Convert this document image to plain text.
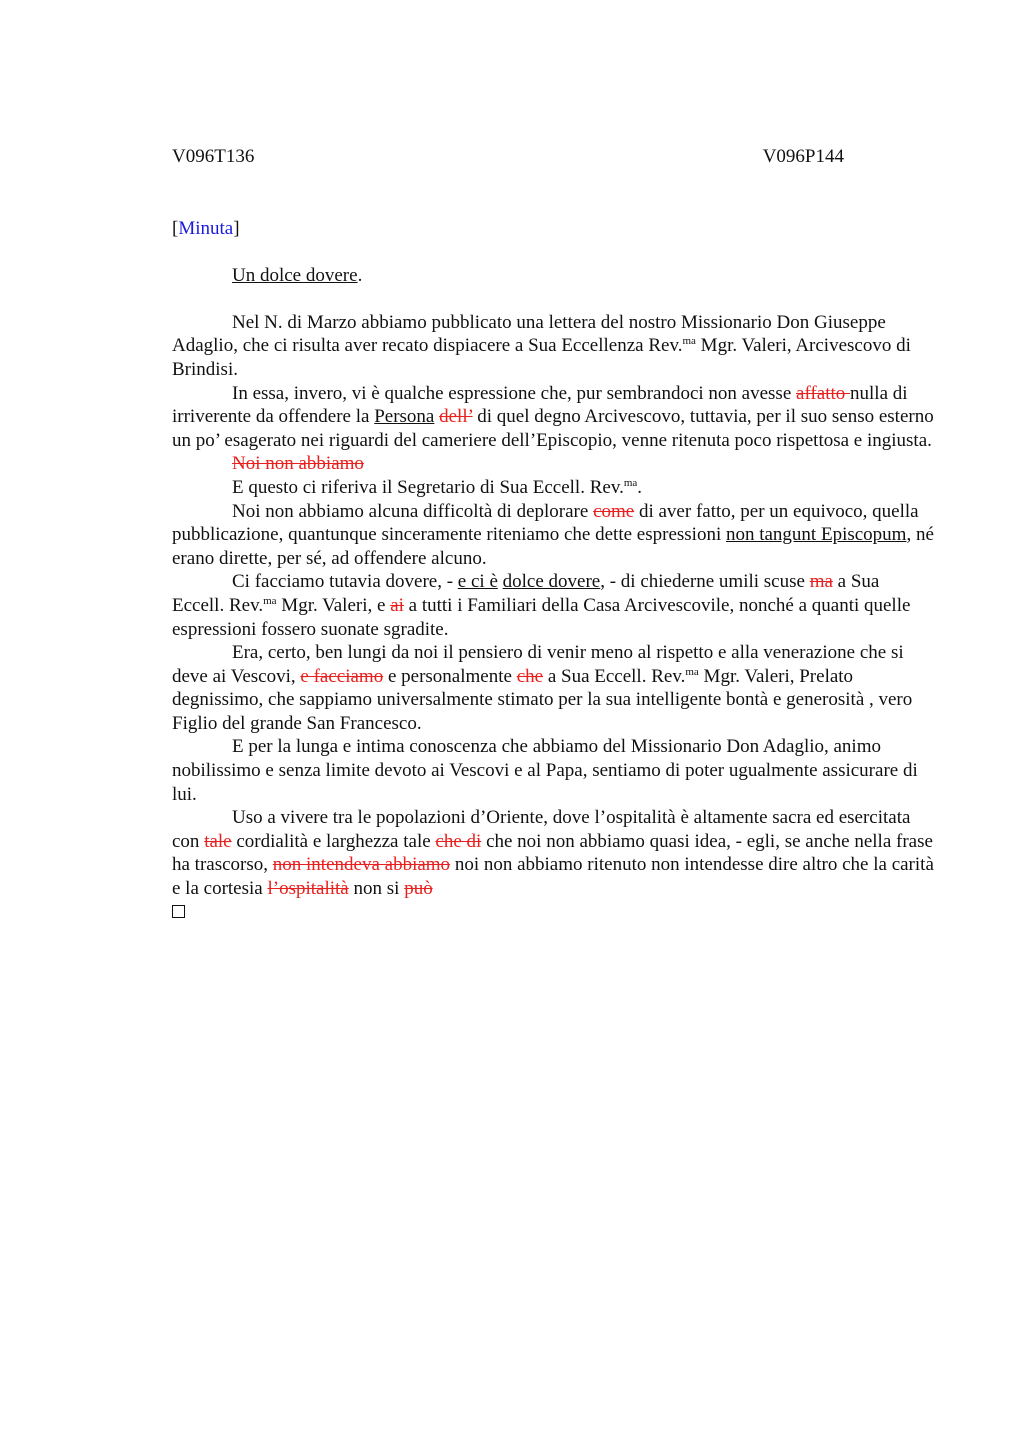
V096T136	V096P144
[Minuta]
Un dolce dovere.

Nel N. di Marzo abbiamo pubblicato una lettera del nostro Missionario Don Giuseppe Adaglio, che ci risulta aver recato dispiacere a Sua Eccellenza Rev.$^{ma}$ Mgr. Valeri, Arcivescovo di Brindisi.

In essa, invero, vi è qualche espressione che, pur sembrandoci non avesse affatto nulla di irriverente da offendere la Persona dell’ di quel degno Arcivescovo, tuttavia, per il suo senso esterno un po’ esagerato nei riguardi del cameriere dell’Episcopio, venne ritenuta poco rispettosa e ingiusta.

Noi non abbiamo

E questo ci riferiva il Segretario di Sua Eccell. Rev.$^{ma}$.

Noi non abbiamo alcuna difficoltà di deplorare come di aver fatto, per un equivoco, quella pubblicazione, quantunque sinceramente riteniamo che dette espressioni non tangunt Episcopum, né erano dirette, per sé, ad offendere alcuno.

Ci facciamo tutavia dovere, - e ci è dolce dovere, - di chiederne umili scuse ma a Sua Eccell. Rev.$^{ma}$ Mgr. Valeri, e ai a tutti i Familiari della Casa Arcivescovile, nonché a quanti quelle espressioni fossero suonate sgradite.

Era, certo, ben lungi da noi il pensiero di venir meno al rispetto e alla venerazione che si deve ai Vescovi, e facciamo e personalmente che a Sua Eccell. Rev.$^{ma}$ Mgr. Valeri, Prelato degnissimo, che sappiamo universalmente stimato per la sua intelligente bontà e generosità , vero Figlio del grande San Francesco.

E per la lunga e intima conoscenza che abbiamo del Missionario Don Adaglio, animo nobilissimo e senza limite devoto ai Vescovi e al Papa, sentiamo di poter ugualmente assicurare di lui.

Uso a vivere tra le popolazioni d’Oriente, dove l’ospitalità è altamente sacra ed esercitata con tale cordialità e larghezza tale che di che noi non abbiamo quasi idea, - egli, se anche nella frase ha trascorso, non intendeva abbiamo noi non abbiamo ritenuto non intendesse dire altro che la carità e la cortesia l’ospitalità non si può
